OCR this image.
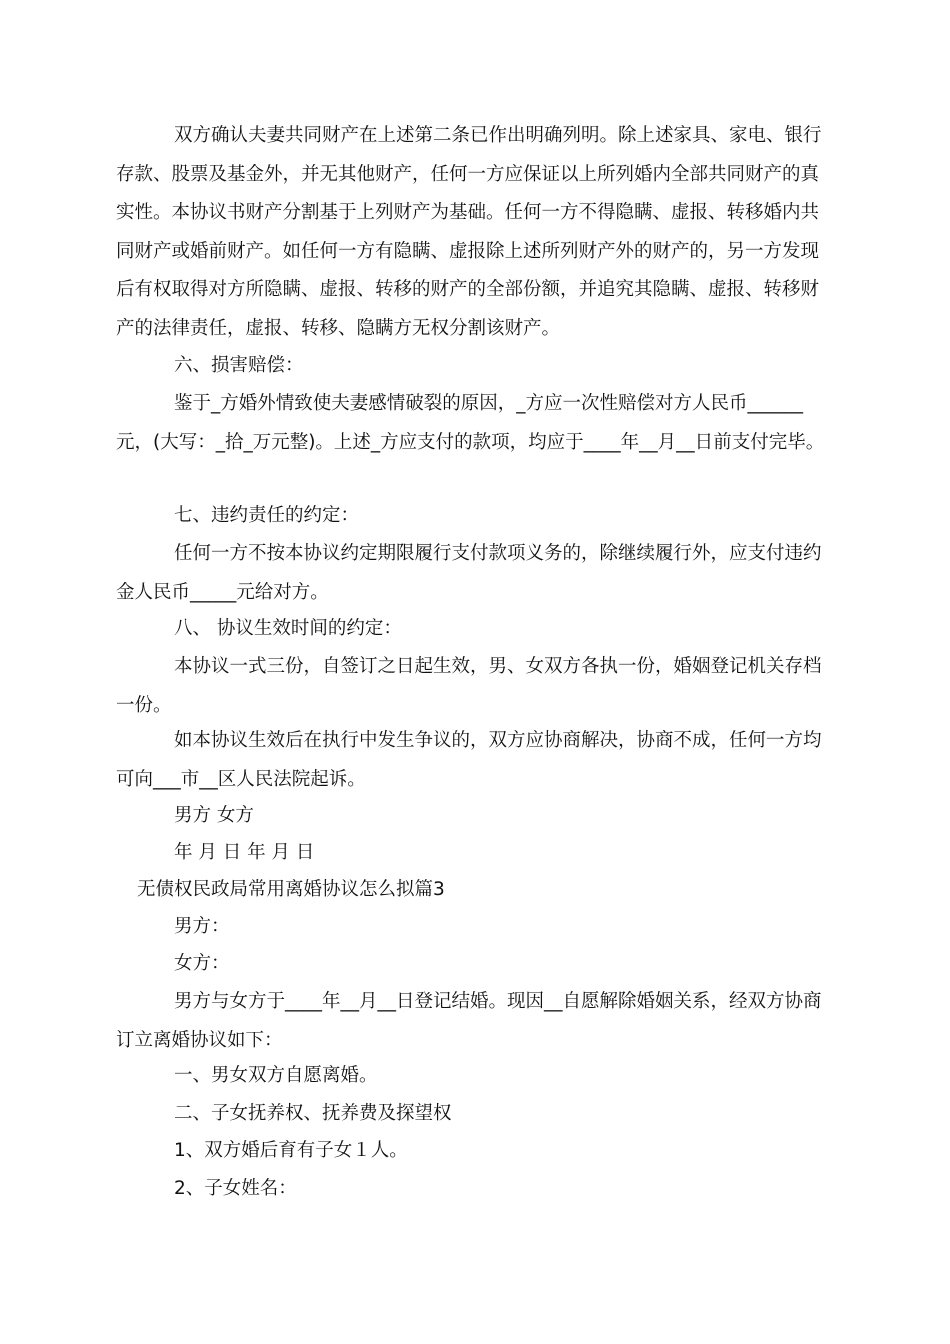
双方确认夫妻共同财产在上述第二条已作出明确列明。除上述家具、家电、银行存款、股票及基金外，并无其他财产，任何一方应保证以上所列婚内全部共同财产的真实性。本协议书财产分割基于上列财产为基础。任何一方不得隐瞒、虚报、转移婚内共同财产或婚前财产。如任何一方有隐瞒、虚报除上述所列财产外的财产的，另一方发现后有权取得对方所隐瞒、虚报、转移的财产的全部份额，并追究其隐瞒、虚报、转移财产的法律责任，虚报、转移、隐瞒方无权分割该财产。

六、损害赔偿：

鉴于_方婚外情致使夫妻感情破裂的原因，_方应一次性赔偿对方人民币______元，(大写：_拾_万元整)。上述_方应支付的款项，均应于____年__月__日前支付完毕。

七、违约责任的约定：

任何一方不按本协议约定期限履行支付款项义务的，除继续履行外，应支付违约金人民币_____元给对方。

八、 协议生效时间的约定：

本协议一式三份，自签订之日起生效，男、女双方各执一份，婚姻登记机关存档一份。

如本协议生效后在执行中发生争议的，双方应协商解决，协商不成，任何一方均可向___市__区人民法院起诉。

男方 女方

年 月 日 年 月 日

无债权民政局常用离婚协议怎么拟篇3

男方：

女方：

男方与女方于____年__月__日登记结婚。现因__自愿解除婚姻关系，经双方协商订立离婚协议如下：

一、男女双方自愿离婚。

二、子女抚养权、抚养费及探望权

1、双方婚后育有子女１人。

2、子女姓名：
